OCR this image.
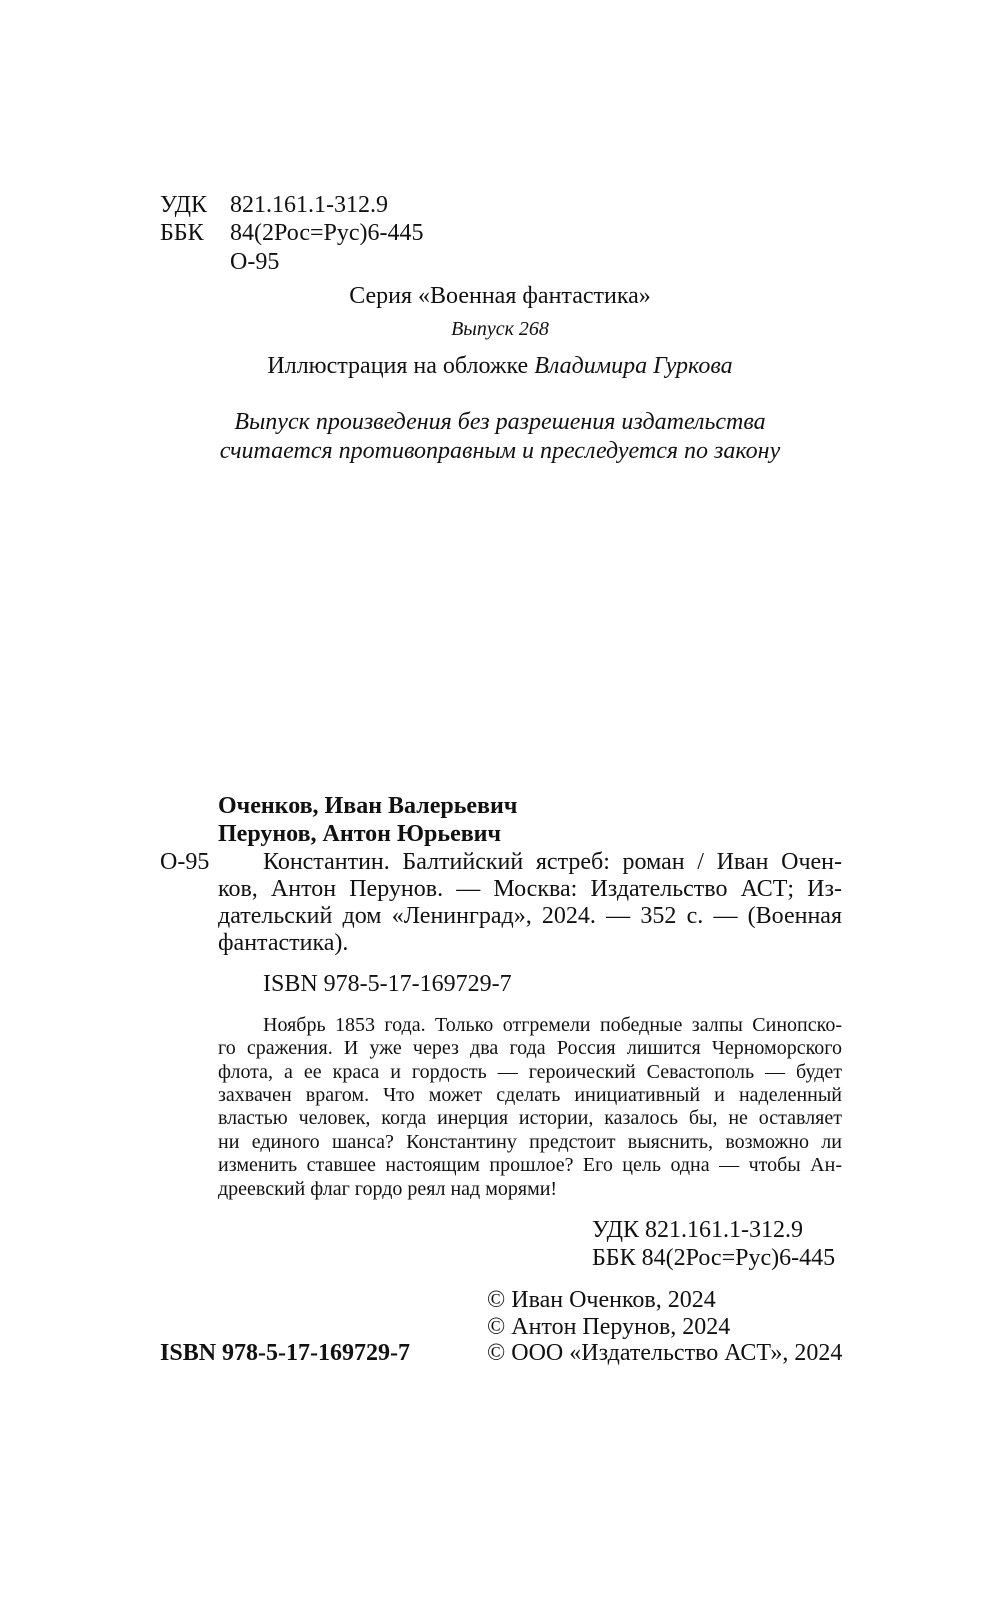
УДК 821.161.1-312.9
ББК 84(2Рос=Рус)6-445
О-95
Серия «Военная фантастика»
Выпуск 268
Иллюстрация на обложке Владимира Гуркова
Выпуск произведения без разрешения издательства
считается противоправным и преследуется по закону
Оченков, Иван Валерьевич
Перунов, Антон Юрьевич
О-95 Константин. Балтийский ястреб: роман / Иван Очен-
ков, Антон Перунов. — Москва: Издательство АСТ; Из-
дательский дом «Ленинград», 2024. — 352 с. — (Военная
фантастика).
ISBN 978-5-17-169729-7
Ноябрь 1853 года. Только отгремели победные залпы Синопско-
го сражения. И уже через два года Россия лишится Черноморского
флота, а ее краса и гордость — героический Севастополь — будет
захвачен врагом. Что может сделать инициативный и наделенный
властью человек, когда инерция истории, казалось бы, не оставляет
ни единого шанса? Константину предстоит выяснить, возможно ли
изменить ставшее настоящим прошлое? Его цель одна — чтобы Ан-
дреевский флаг гордо реял над морями!
УДК 821.161.1-312.9
ББК 84(2Рос=Рус)6-445
© Иван Оченков, 2024
© Антон Перунов, 2024
© ООО «Издательство АСТ», 2024
ISBN 978-5-17-169729-7
